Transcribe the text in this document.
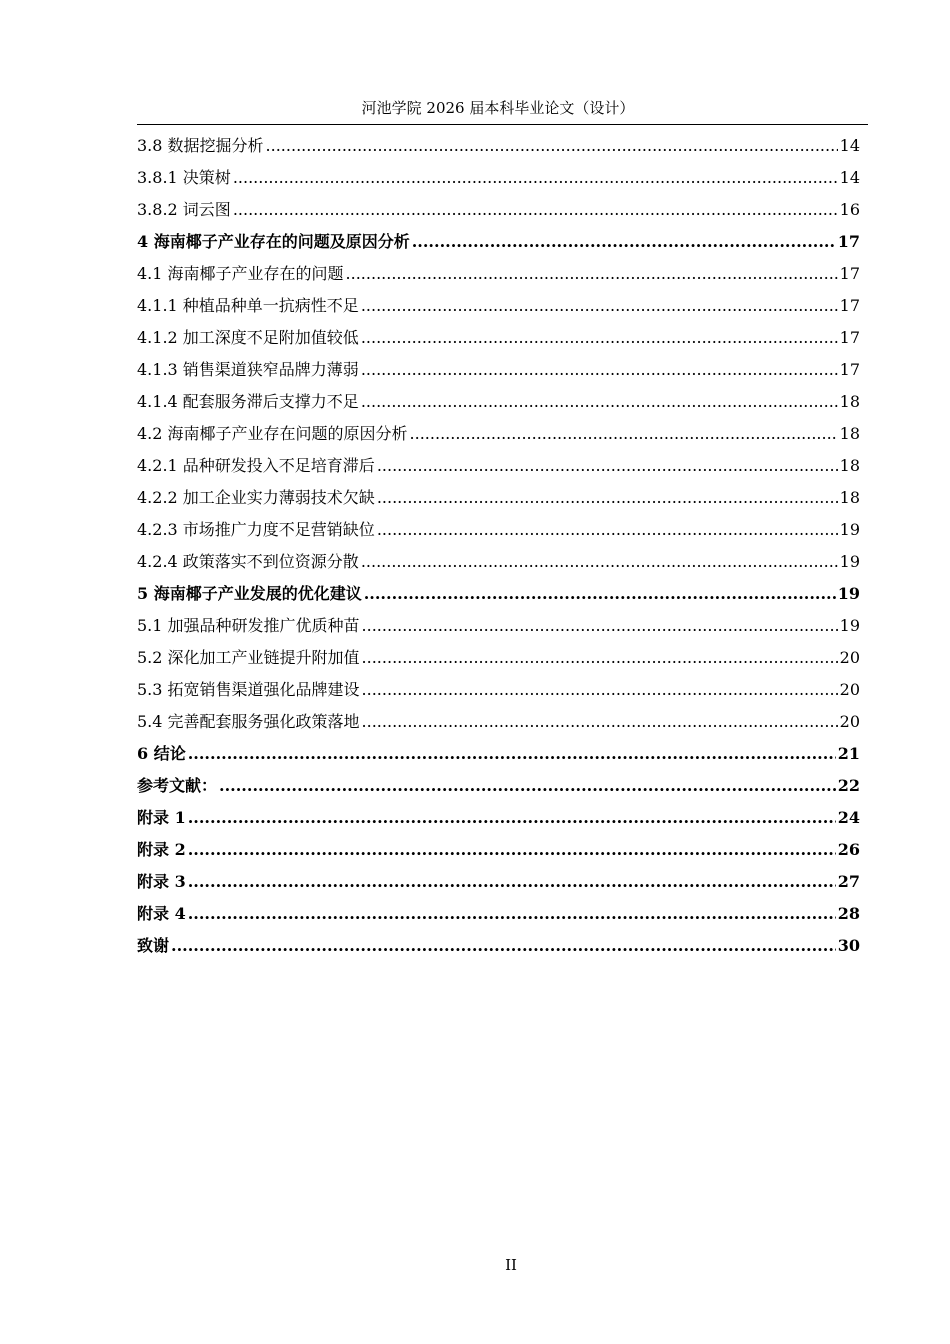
河池学院 2026 届本科毕业论文（设计）
3.8 数据挖掘分析 .....	14
3.8.1 决策树 .....	14
3.8.2 词云图 .....	16
4 海南椰子产业存在的问题及原因分析 .....	17
4.1 海南椰子产业存在的问题 .....	17
4.1.1 种植品种单一抗病性不足 .....	17
4.1.2 加工深度不足附加值较低 .....	17
4.1.3 销售渠道狭窄品牌力薄弱 .....	17
4.1.4 配套服务滞后支撑力不足 .....	18
4.2 海南椰子产业存在问题的原因分析 .....	18
4.2.1 品种研发投入不足培育滞后 .....	18
4.2.2 加工企业实力薄弱技术欠缺 .....	18
4.2.3 市场推广力度不足营销缺位 .....	19
4.2.4 政策落实不到位资源分散 .....	19
5 海南椰子产业发展的优化建议 .....	19
5.1 加强品种研发推广优质种苗 .....	19
5.2 深化加工产业链提升附加值 .....	20
5.3 拓宽销售渠道强化品牌建设 .....	20
5.4 完善配套服务强化政策落地 .....	20
6 结论 .....	21
参考文献： .....	22
附录 1 .....	24
附录 2 .....	26
附录 3 .....	27
附录 4 .....	28
致谢 .....	30
II
